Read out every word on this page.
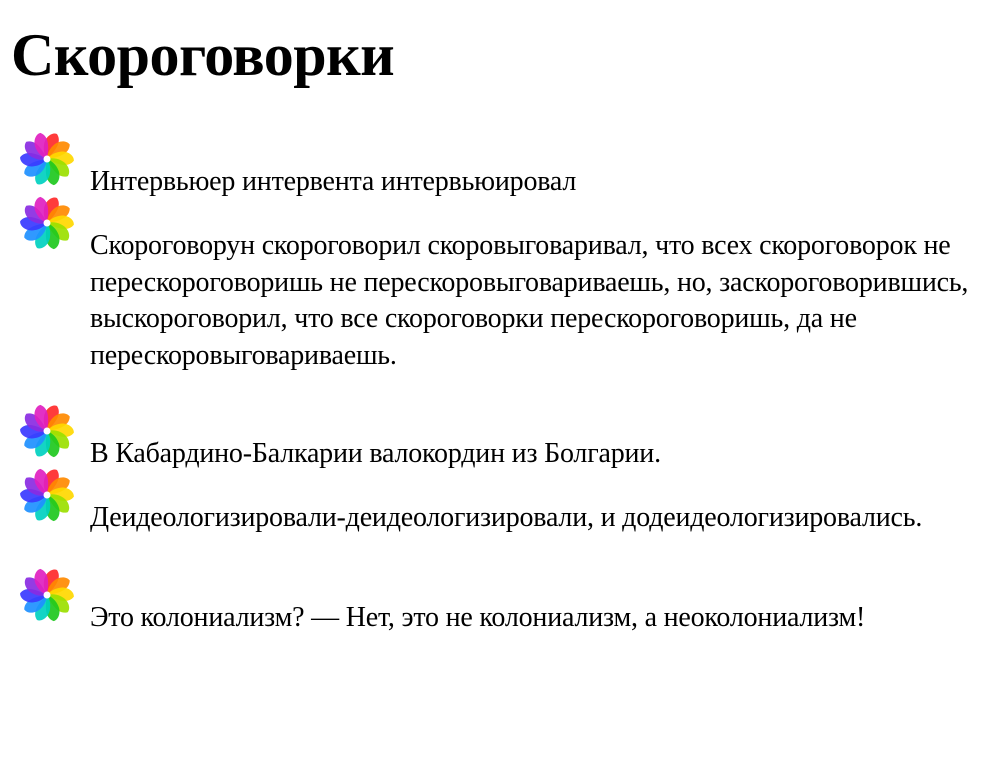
Скороговорки
Интервьюер интервента интервьюировал
Скороговорун скороговорил скоровыговаривал, что всех скороговорок не перескороговоришь не перескоровыговариваешь, но, заскороговорившись, выскороговорил, что все скороговорки перескороговоришь, да не перескоровыговариваешь.
В Кабардино-Балкарии валокордин из Болгарии.
Деидеологизировали-деидеологизировали, и додеидеологизировались.
Это колониализм? — Нет, это не колониализм, а неоколониализм!
